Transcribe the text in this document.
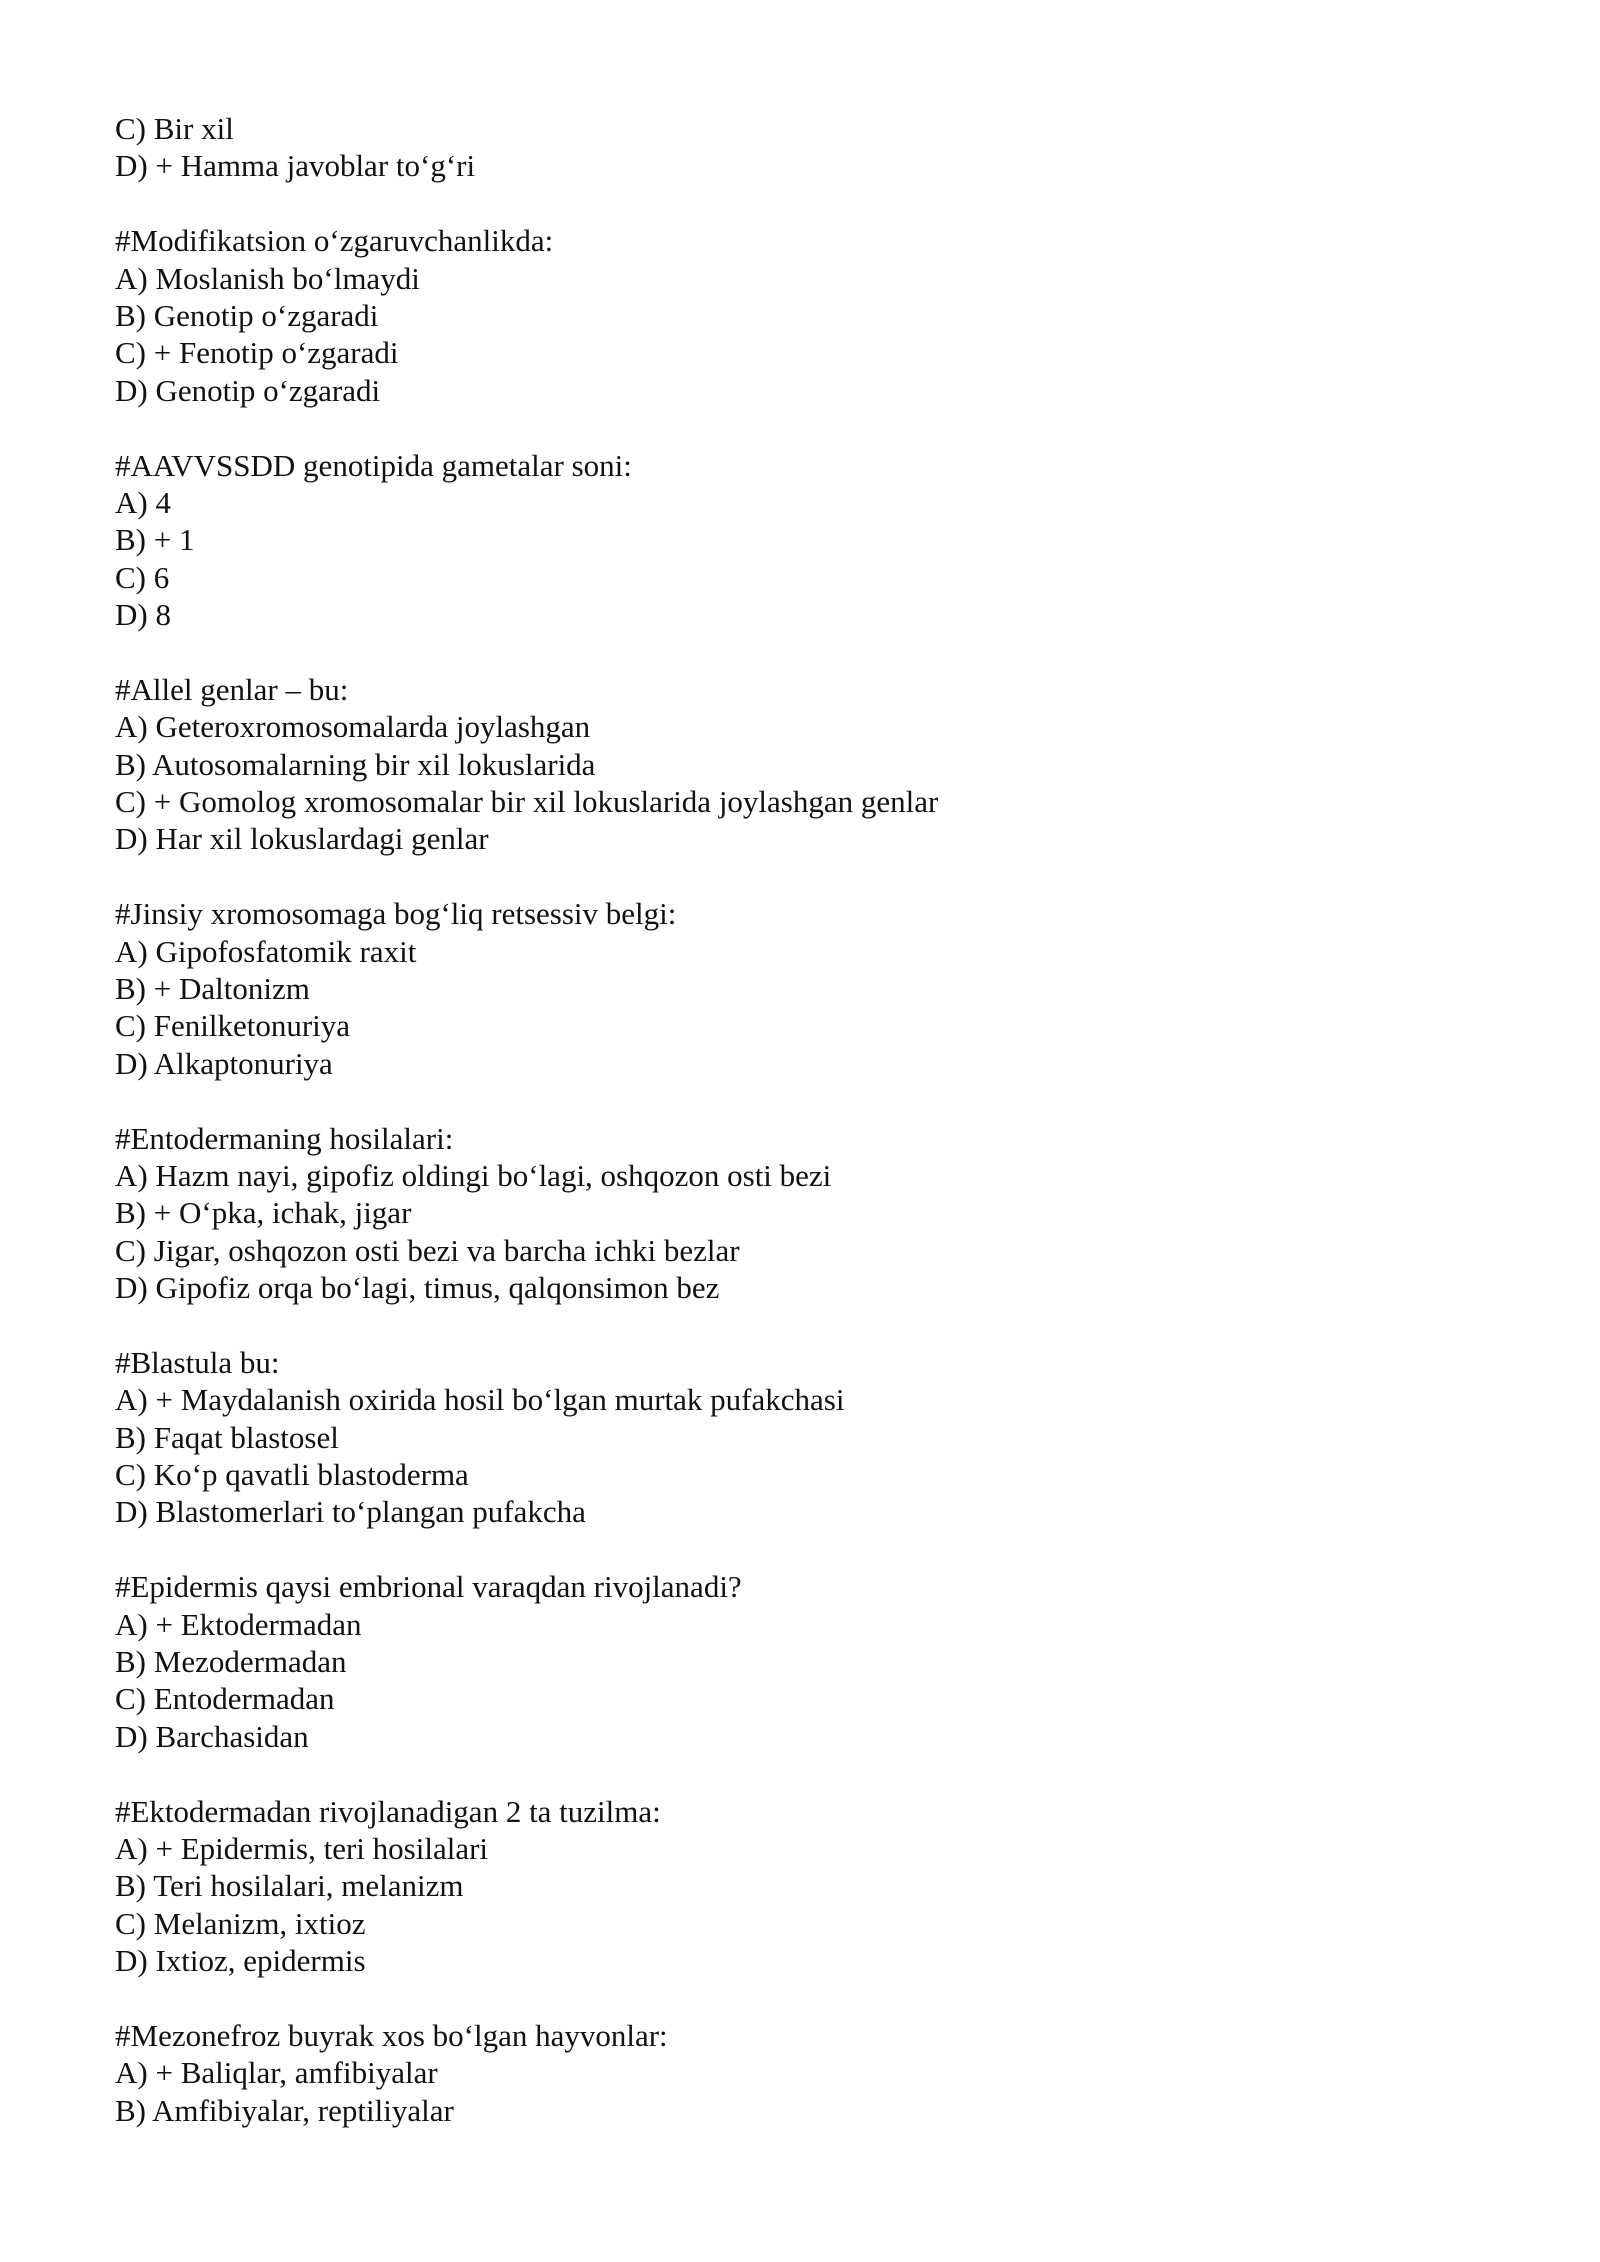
C) Bir xil
D) + Hamma javoblar to‘g‘ri
#Modifikatsion o‘zgaruvchanlikda:
A) Moslanish bo‘lmaydi
B) Genotip o‘zgaradi
C) + Fenotip o‘zgaradi
D) Genotip o‘zgaradi
#AAVVSSDD genotipida gametalar soni:
A) 4
B) + 1
C) 6
D) 8
#Allel genlar – bu:
A) Geteroxromosomalarda joylashgan
B) Autosomalarning bir xil lokuslarida
C) + Gomolog xromosomalar bir xil lokuslarida joylashgan genlar
D) Har xil lokuslardagi genlar
#Jinsiy xromosomaga bog‘liq retsessiv belgi:
A) Gipofosfatomik raxit
B) + Daltonizm
C) Fenilketonuriya
D) Alkaptonuriya
#Entodermaning hosilalari:
A) Hazm nayi, gipofiz oldingi bo‘lagi, oshqozon osti bezi
B) + O‘pka, ichak, jigar
C) Jigar, oshqozon osti bezi va barcha ichki bezlar
D) Gipofiz orqa bo‘lagi, timus, qalqonsimon bez
#Blastula bu:
A) + Maydalanish oxirida hosil bo‘lgan murtak pufakchasi
B) Faqat blastosel
C) Ko‘p qavatli blastoderma
D) Blastomerlari to‘plangan pufakcha
#Epidermis qaysi embrional varaqdan rivojlanadi?
A) + Ektodermadan
B) Mezodermadan
C) Entodermadan
D) Barchasidan
#Ektodermadan rivojlanadigan 2 ta tuzilma:
A) + Epidermis, teri hosilalari
B) Teri hosilalari, melanizm
C) Melanizm, ixtioz
D) Ixtioz, epidermis
#Mezonefroz buyrak xos bo‘lgan hayvonlar:
A) + Baliqlar, amfibiyalar
B) Amfibiyalar, reptiliyalar
